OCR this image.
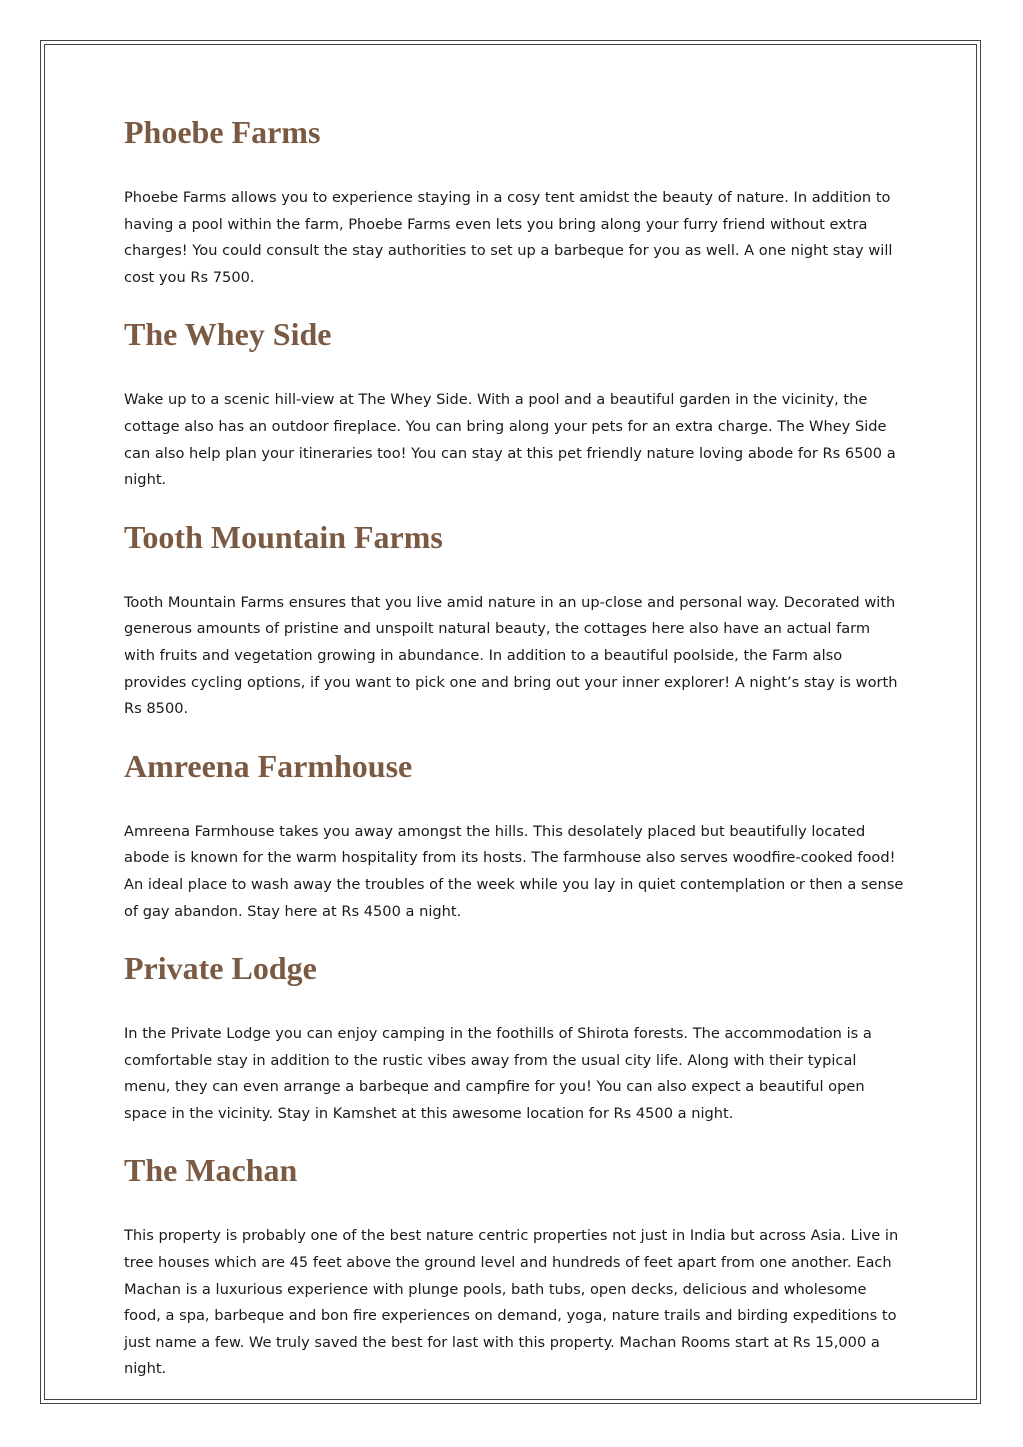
Phoebe Farms

Phoebe Farms allows you to experience staying in a cosy tent amidst the beauty of nature. In addition to having a pool within the farm, Phoebe Farms even lets you bring along your furry friend without extra charges! You could consult the stay authorities to set up a barbeque for you as well. A one night stay will cost you Rs 7500.

The Whey Side

Wake up to a scenic hill-view at The Whey Side. With a pool and a beautiful garden in the vicinity, the cottage also has an outdoor fireplace. You can bring along your pets for an extra charge. The Whey Side can also help plan your itineraries too! You can stay at this pet friendly nature loving abode for Rs 6500 a night.

Tooth Mountain Farms

Tooth Mountain Farms ensures that you live amid nature in an up-close and personal way. Decorated with generous amounts of pristine and unspoilt natural beauty, the cottages here also have an actual farm with fruits and vegetation growing in abundance. In addition to a beautiful poolside, the Farm also provides cycling options, if you want to pick one and bring out your inner explorer! A night’s stay is worth Rs 8500.

Amreena Farmhouse

Amreena Farmhouse takes you away amongst the hills. This desolately placed but beautifully located abode is known for the warm hospitality from its hosts. The farmhouse also serves woodfire-cooked food! An ideal place to wash away the troubles of the week while you lay in quiet contemplation or then a sense of gay abandon. Stay here at Rs 4500 a night.

Private Lodge

In the Private Lodge you can enjoy camping in the foothills of Shirota forests. The accommodation is a comfortable stay in addition to the rustic vibes away from the usual city life. Along with their typical menu, they can even arrange a barbeque and campfire for you! You can also expect a beautiful open space in the vicinity. Stay in Kamshet at this awesome location for Rs 4500 a night.

The Machan

This property is probably one of the best nature centric properties not just in India but across Asia. Live in tree houses which are 45 feet above the ground level and hundreds of feet apart from one another. Each Machan is a luxurious experience with plunge pools, bath tubs, open decks, delicious and wholesome food, a spa, barbeque and bon fire experiences on demand, yoga, nature trails and birding expeditions to just name a few. We truly saved the best for last with this property. Machan Rooms start at Rs 15,000 a night.
